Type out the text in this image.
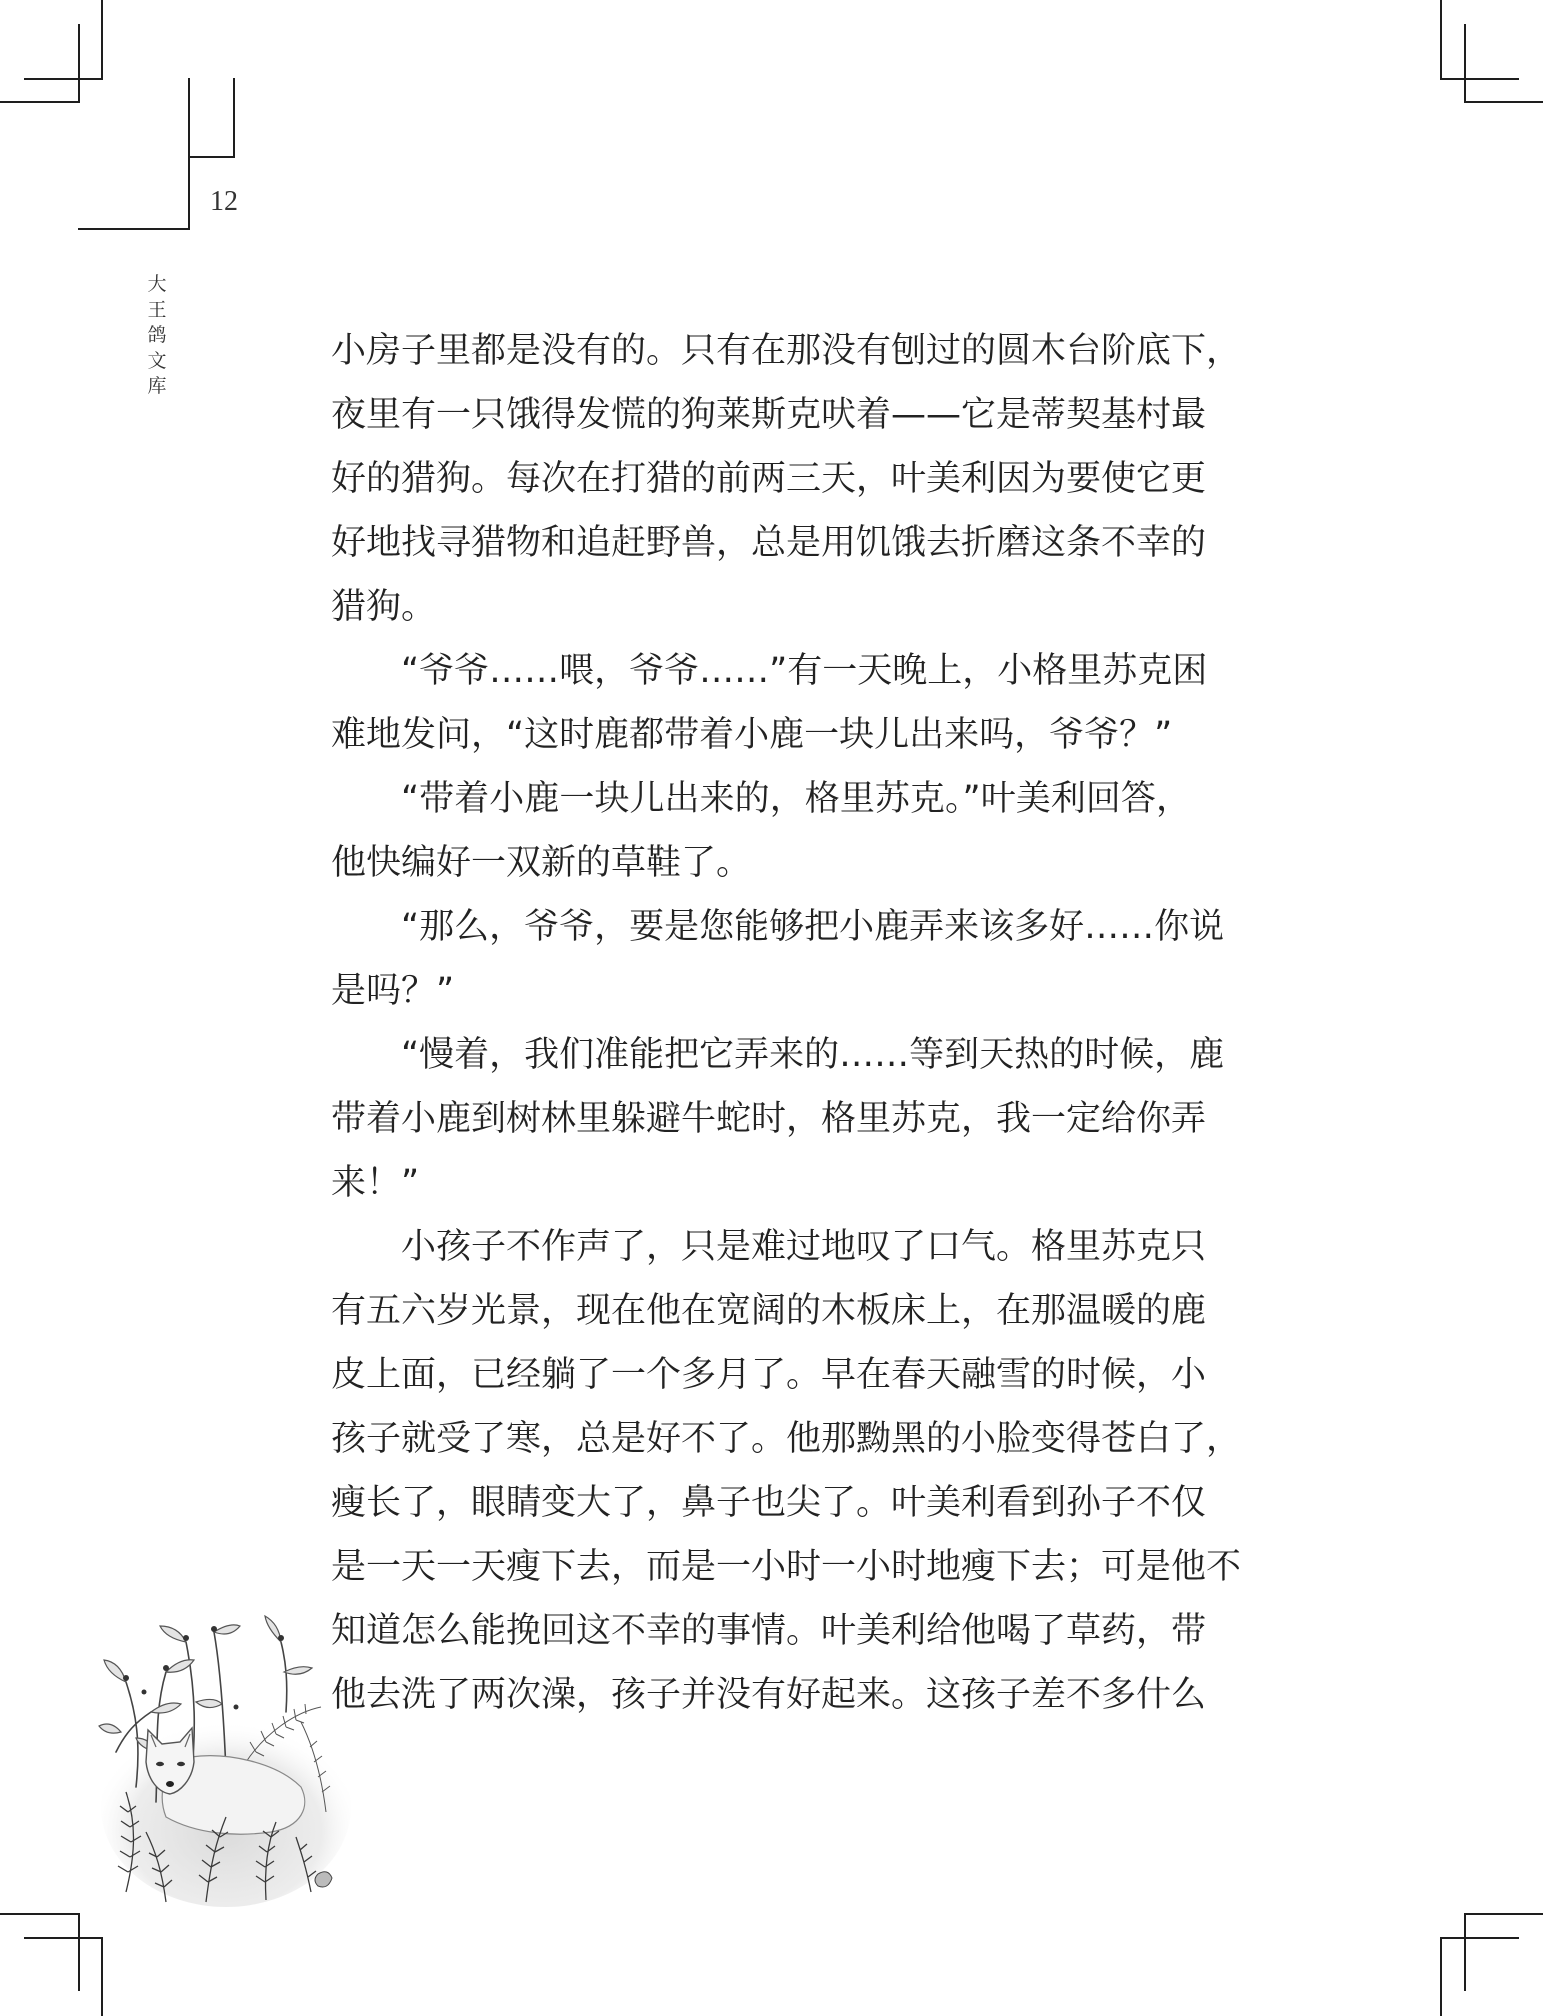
12
大
王
鸽
文
库
小房子里都是没有的。只有在那没有刨过的圆木台阶底下，
夜里有一只饿得发慌的狗莱斯克吠着——它是蒂契基村最
好的猎狗。每次在打猎的前两三天，叶美利因为要使它更
好地找寻猎物和追赶野兽，总是用饥饿去折磨这条不幸的
猎狗。
“爷爷……喂，爷爷……”有一天晚上，小格里苏克困
难地发问，“这时鹿都带着小鹿一块儿出来吗，爷爷？”
“带着小鹿一块儿出来的，格里苏克。”叶美利回答，
他快编好一双新的草鞋了。
“那么，爷爷，要是您能够把小鹿弄来该多好……你说
是吗？”
“慢着，我们准能把它弄来的……等到天热的时候，鹿
带着小鹿到树林里躲避牛蛇时，格里苏克，我一定给你弄
来！”
小孩子不作声了，只是难过地叹了口气。格里苏克只
有五六岁光景，现在他在宽阔的木板床上，在那温暖的鹿
皮上面，已经躺了一个多月了。早在春天融雪的时候，小
孩子就受了寒，总是好不了。他那黝黑的小脸变得苍白了，
瘦长了，眼睛变大了，鼻子也尖了。叶美利看到孙子不仅
是一天一天瘦下去，而是一小时一小时地瘦下去；可是他不
知道怎么能挽回这不幸的事情。叶美利给他喝了草药，带
他去洗了两次澡，孩子并没有好起来。这孩子差不多什么
